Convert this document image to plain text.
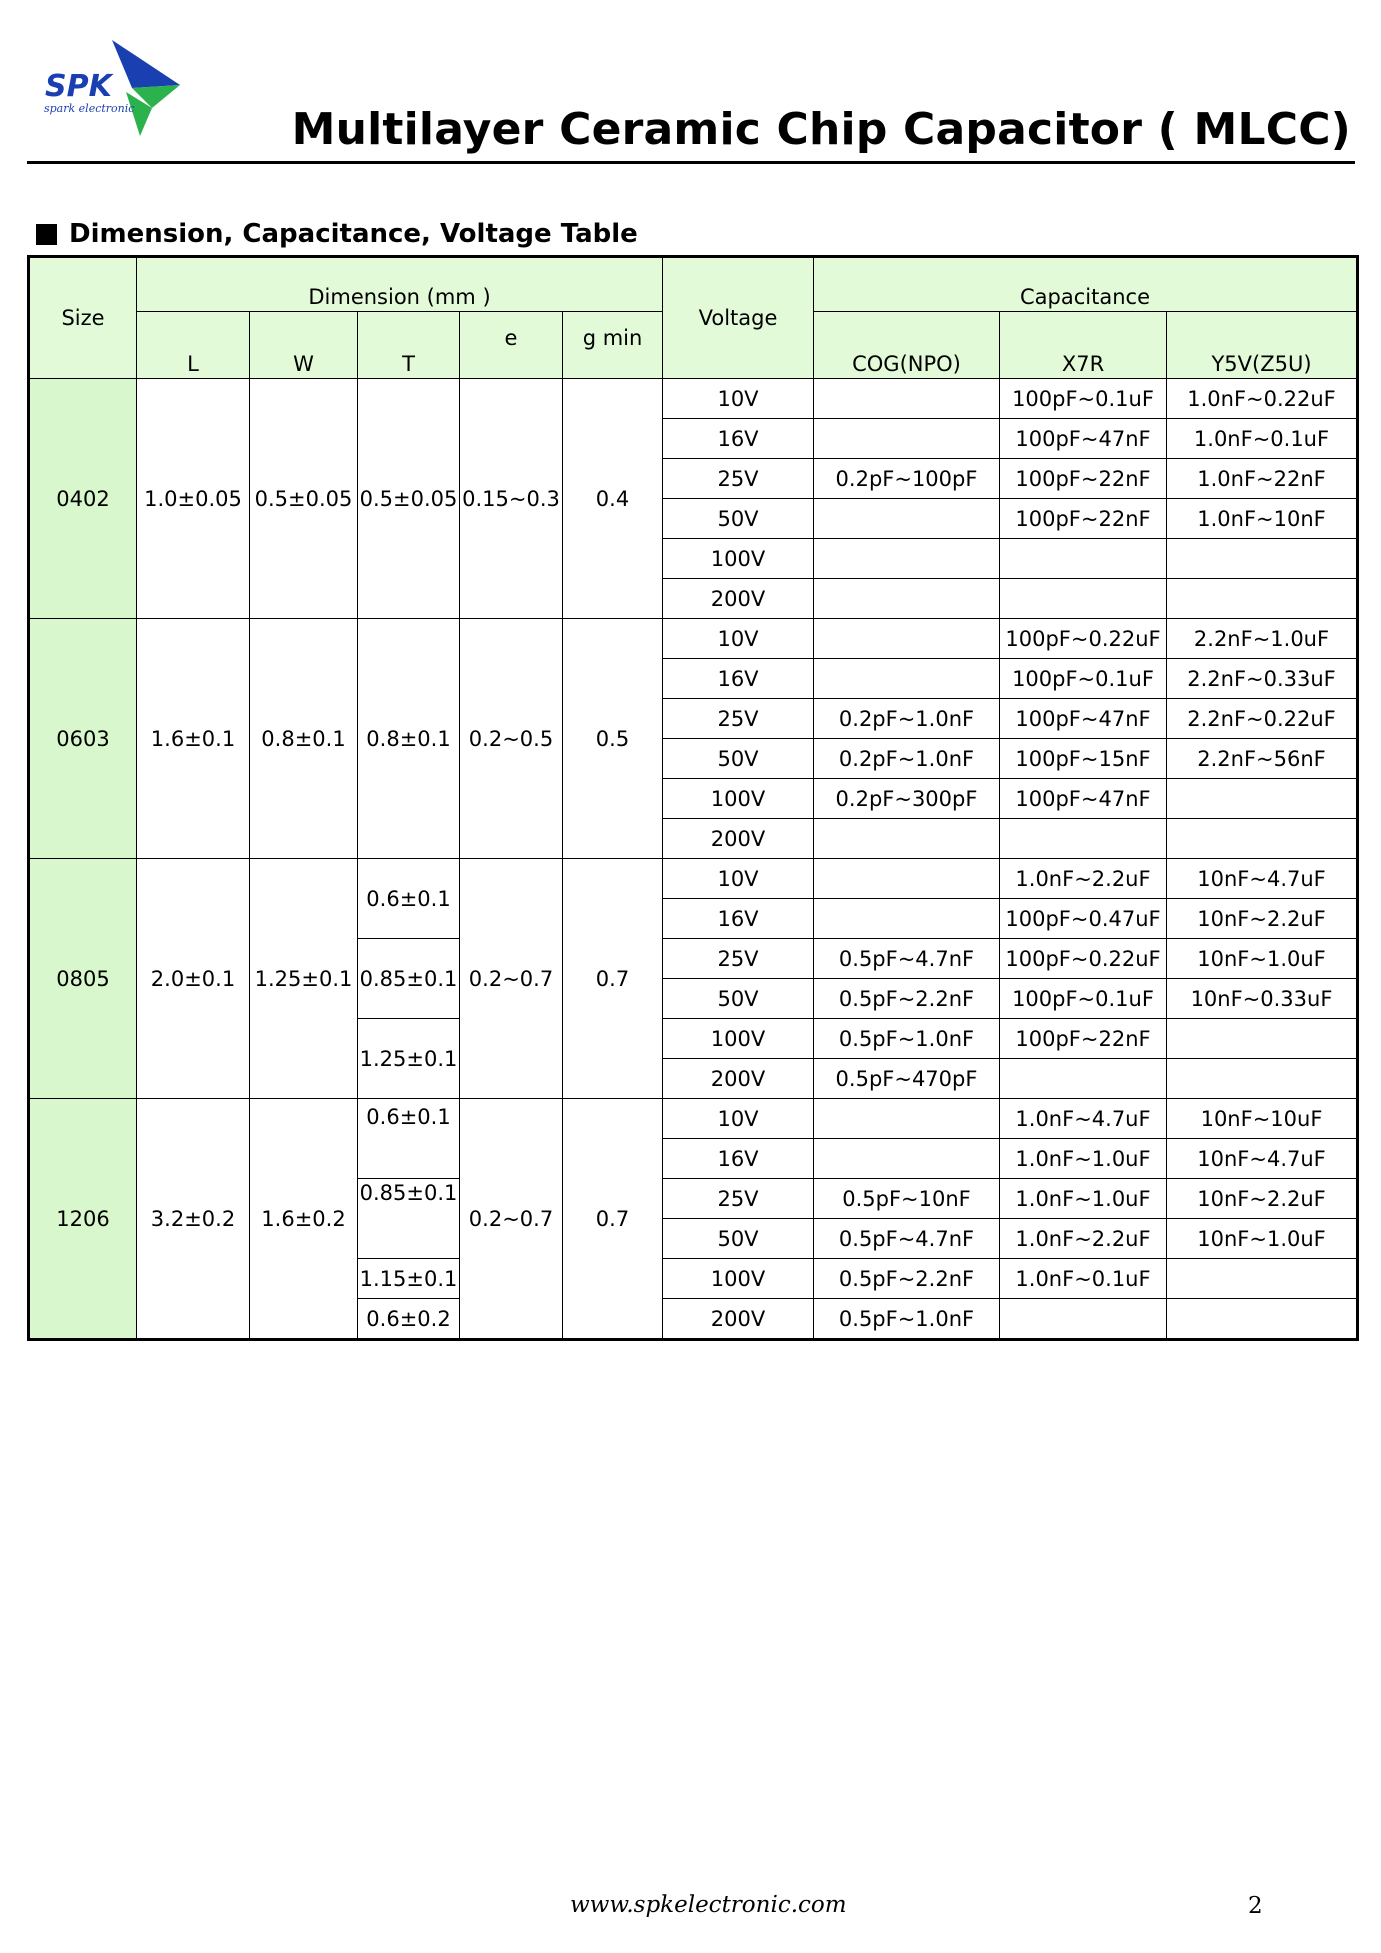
SPK
spark electronic	Multilayer Ceramic Chip Capacitor ( MLCC)
Dimension, Capacitance, Voltage Table
Size	Dimension (mm )					Voltage	Capacitance		
	L	W	T	e	g min		COG(NPO)	X7R	Y5V(Z5U)
0402	1.0±0.05	0.5±0.05	0.5±0.05	0.15~0.3	0.4	10V		100pF~0.1uF	1.0nF~0.22uF
						16V		100pF~47nF	1.0nF~0.1uF
						25V	0.2pF~100pF	100pF~22nF	1.0nF~22nF
						50V		100pF~22nF	1.0nF~10nF
						100V			
						200V			
0603	1.6±0.1	0.8±0.1	0.8±0.1	0.2~0.5	0.5	10V		100pF~0.22uF	2.2nF~1.0uF
						16V		100pF~0.1uF	2.2nF~0.33uF
						25V	0.2pF~1.0nF	100pF~47nF	2.2nF~0.22uF
						50V	0.2pF~1.0nF	100pF~15nF	2.2nF~56nF
						100V	0.2pF~300pF	100pF~47nF	
						200V			
0805	2.0±0.1	1.25±0.1	0.6±0.1	0.2~0.7	0.7	10V		1.0nF~2.2uF	10nF~4.7uF
						16V		100pF~0.47uF	10nF~2.2uF
			0.85±0.1			25V	0.5pF~4.7nF	100pF~0.22uF	10nF~1.0uF
						50V	0.5pF~2.2nF	100pF~0.1uF	10nF~0.33uF
			1.25±0.1			100V	0.5pF~1.0nF	100pF~22nF	
						200V	0.5pF~470pF		
1206	3.2±0.2	1.6±0.2	0.6±0.1	0.2~0.7	0.7	10V		1.0nF~4.7uF	10nF~10uF
						16V		1.0nF~1.0uF	10nF~4.7uF
			0.85±0.1			25V	0.5pF~10nF	1.0nF~1.0uF	10nF~2.2uF
						50V	0.5pF~4.7nF	1.0nF~2.2uF	10nF~1.0uF
			1.15±0.1			100V	0.5pF~2.2nF	1.0nF~0.1uF	
			0.6±0.2			200V	0.5pF~1.0nF		
www.spkelectronic.com	2
